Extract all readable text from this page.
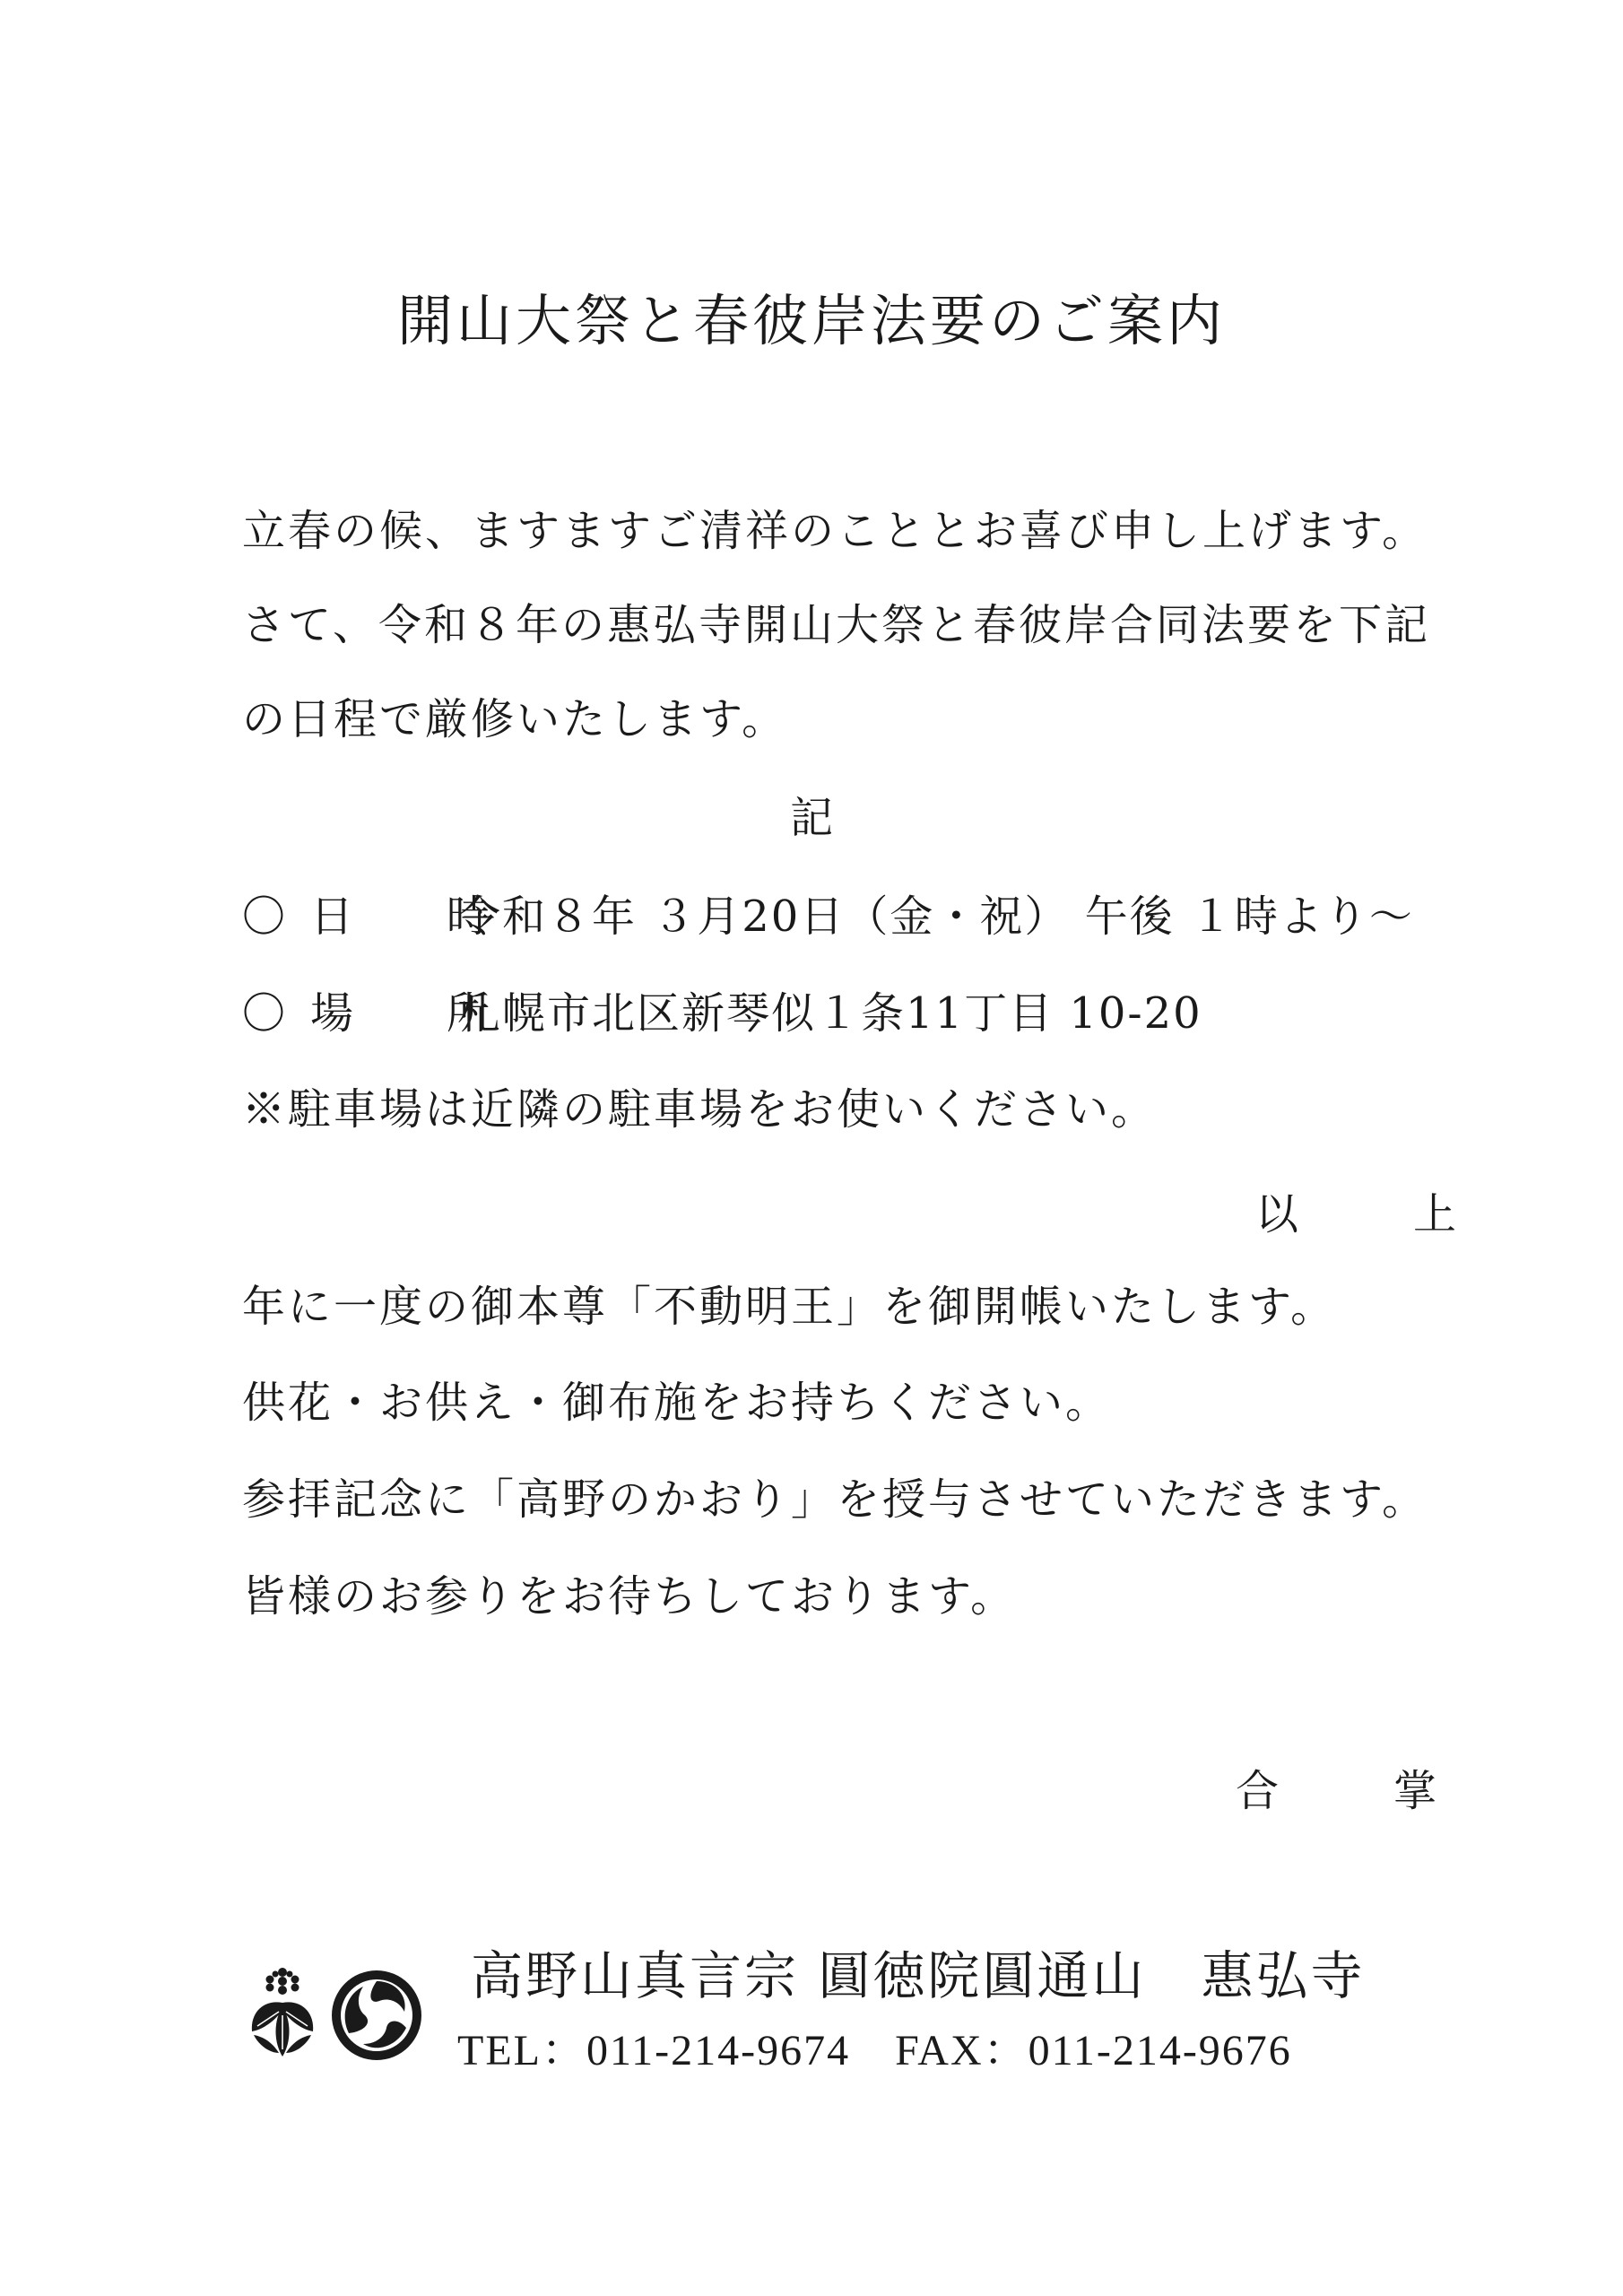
開山大祭と春彼岸法要のご案内
立春の候、ますますご清祥のこととお喜び申し上げます。
さて、令和８年の惠弘寺開山大祭と春彼岸合同法要を下記
の日程で厳修いたします。
記
〇日　時
令和８年 ３月20日（金・祝） 午後 １時より〜
〇場　所
札幌市北区新琴似１条11丁目 10-20
※駐車場は近隣の駐車場をお使いください。
以　上
年に一度の御本尊「不動明王」を御開帳いたします。
供花・お供え・御布施をお持ちください。
参拝記念に「高野のかおり」を授与させていただきます。
皆様のお参りをお待ちしております。
合　掌
高野山真言宗 圓徳院圓通山　惠弘寺
TEL：011-214-9674 FAX：011-214-9676
